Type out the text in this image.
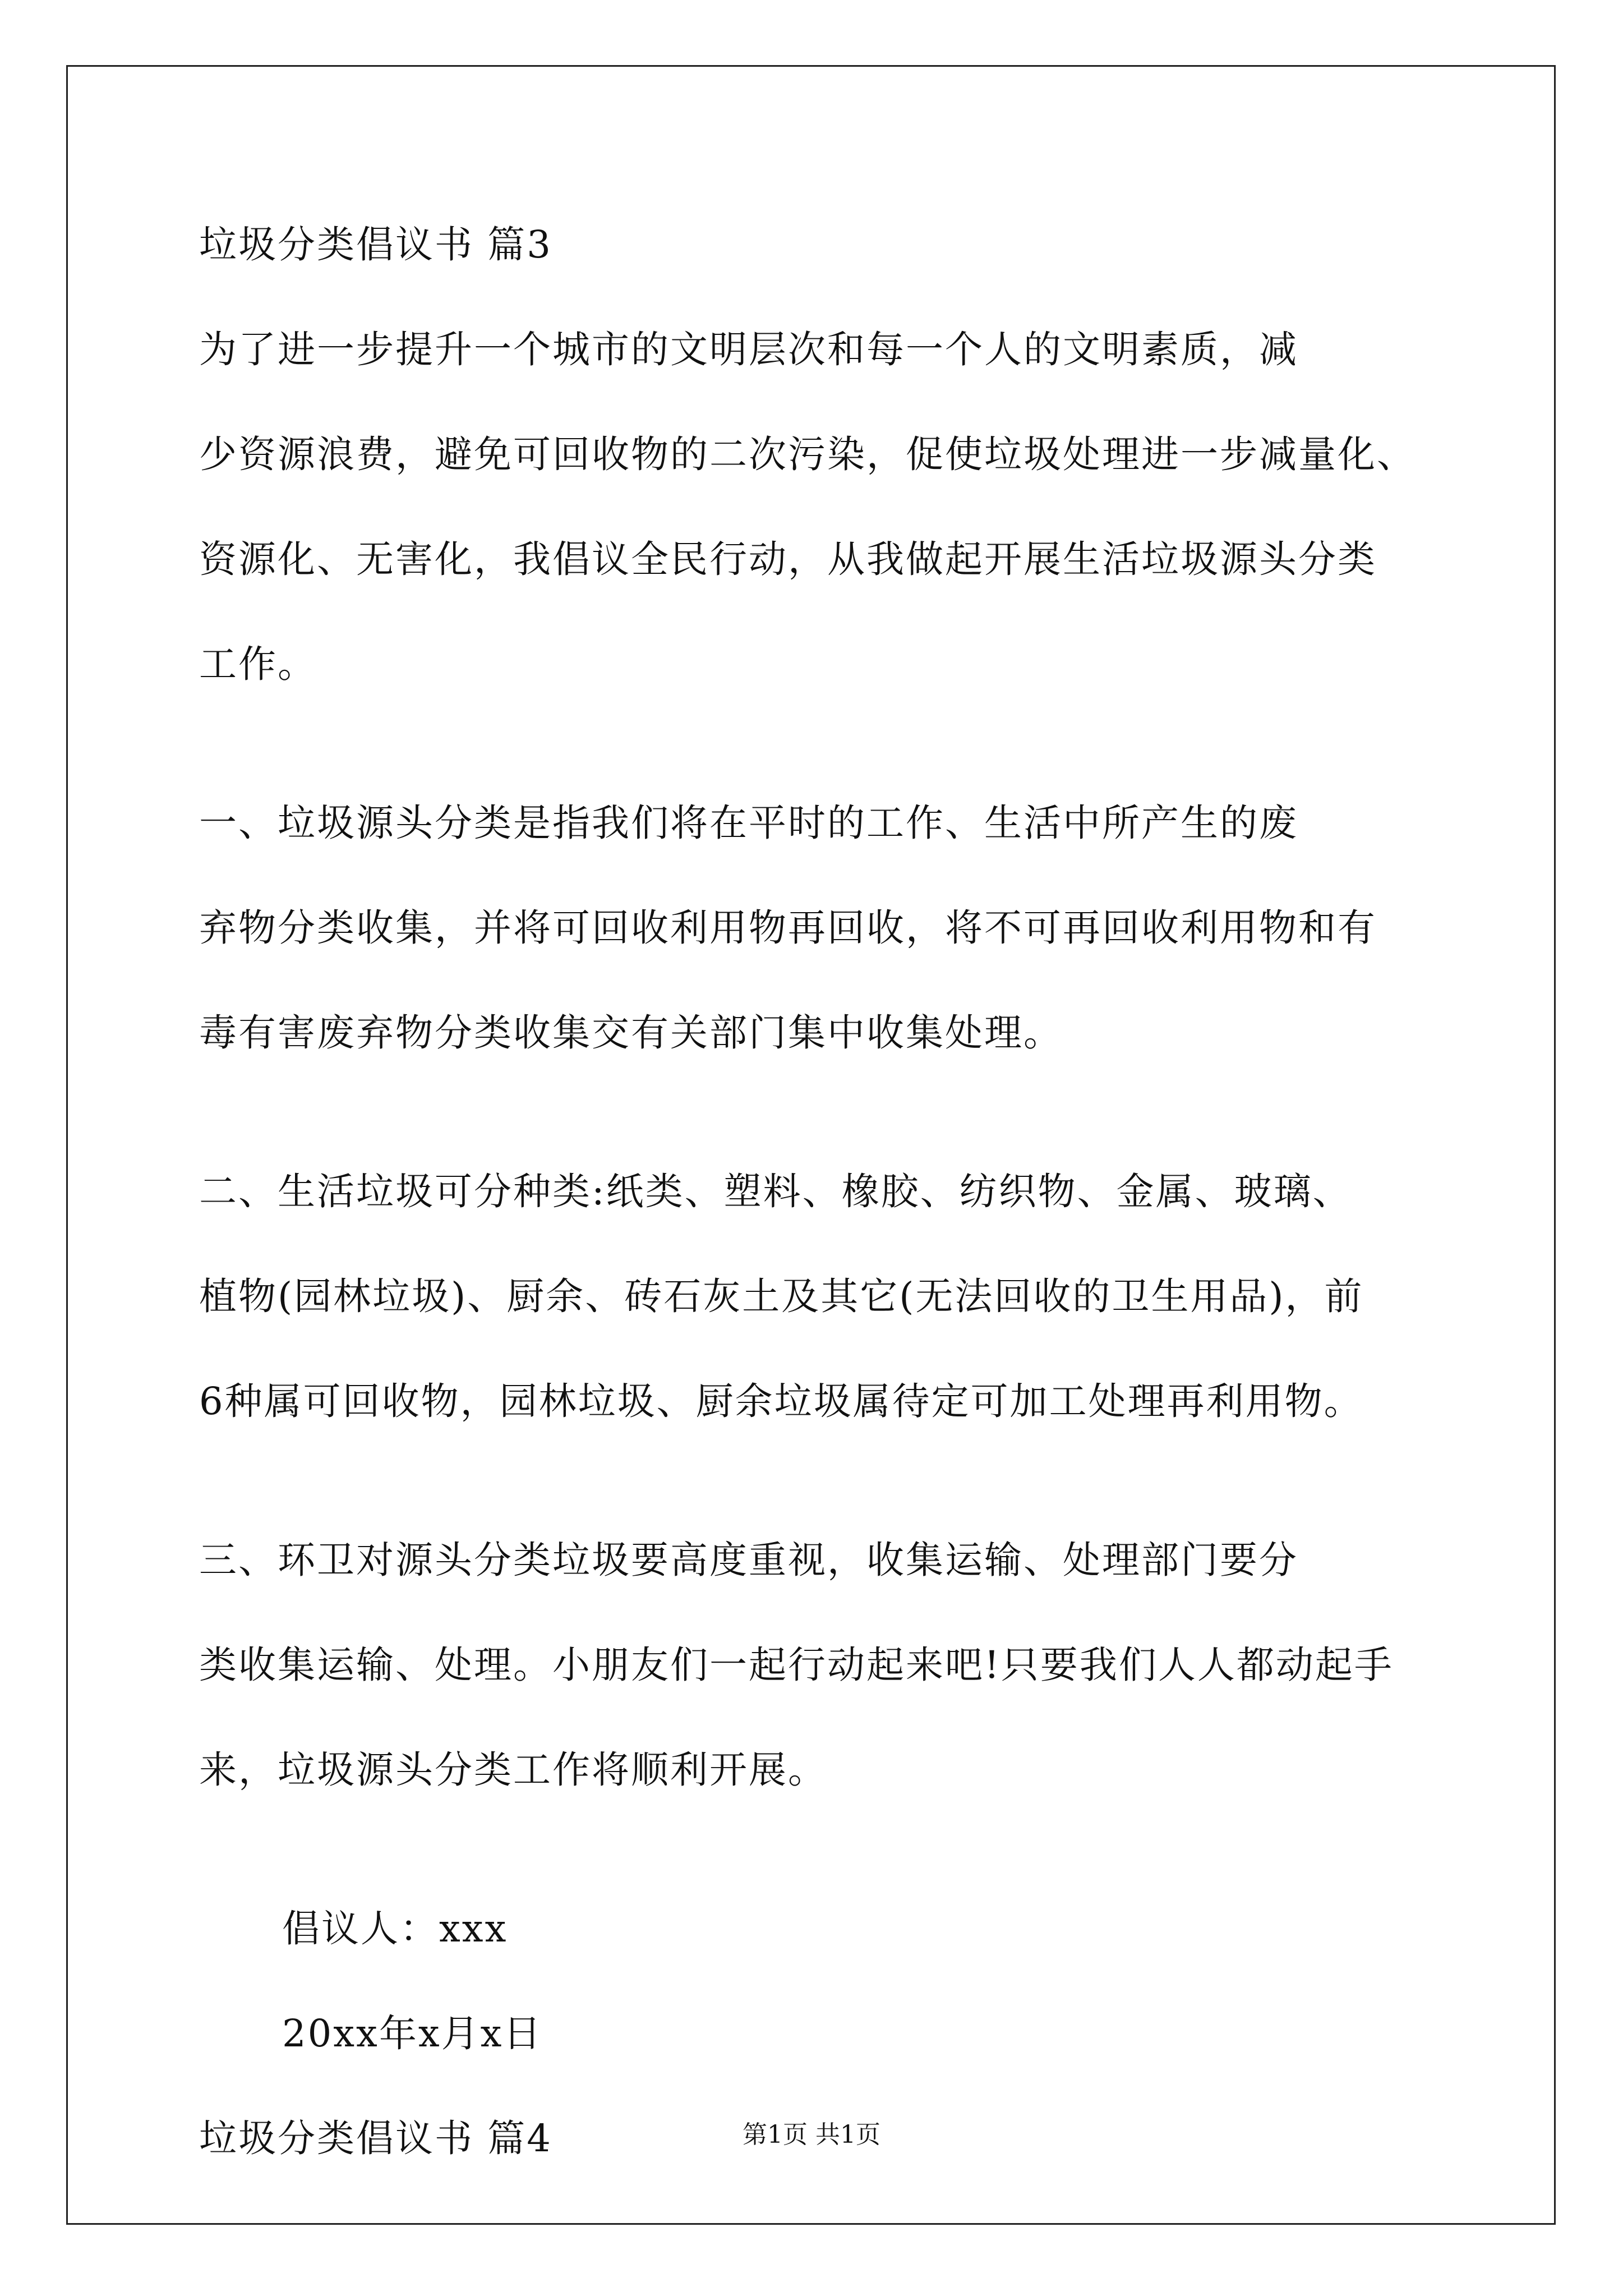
垃圾分类倡议书 篇3

为了进一步提升一个城市的文明层次和每一个人的文明素质，减

少资源浪费，避免可回收物的二次污染，促使垃圾处理进一步减量化、

资源化、无害化，我倡议全民行动，从我做起开展生活垃圾源头分类

工作。

一、垃圾源头分类是指我们将在平时的工作、生活中所产生的废

弃物分类收集，并将可回收利用物再回收，将不可再回收利用物和有

毒有害废弃物分类收集交有关部门集中收集处理。

二、生活垃圾可分种类:纸类、塑料、橡胶、纺织物、金属、玻璃、

植物(园林垃圾)、厨余、砖石灰土及其它(无法回收的卫生用品)，前

6种属可回收物，园林垃圾、厨余垃圾属待定可加工处理再利用物。

三、环卫对源头分类垃圾要高度重视，收集运输、处理部门要分

类收集运输、处理。小朋友们一起行动起来吧!只要我们人人都动起手

来，垃圾源头分类工作将顺利开展。

倡议人：xxx

20xx年x月x日

垃圾分类倡议书 篇4	第1页 共1页
